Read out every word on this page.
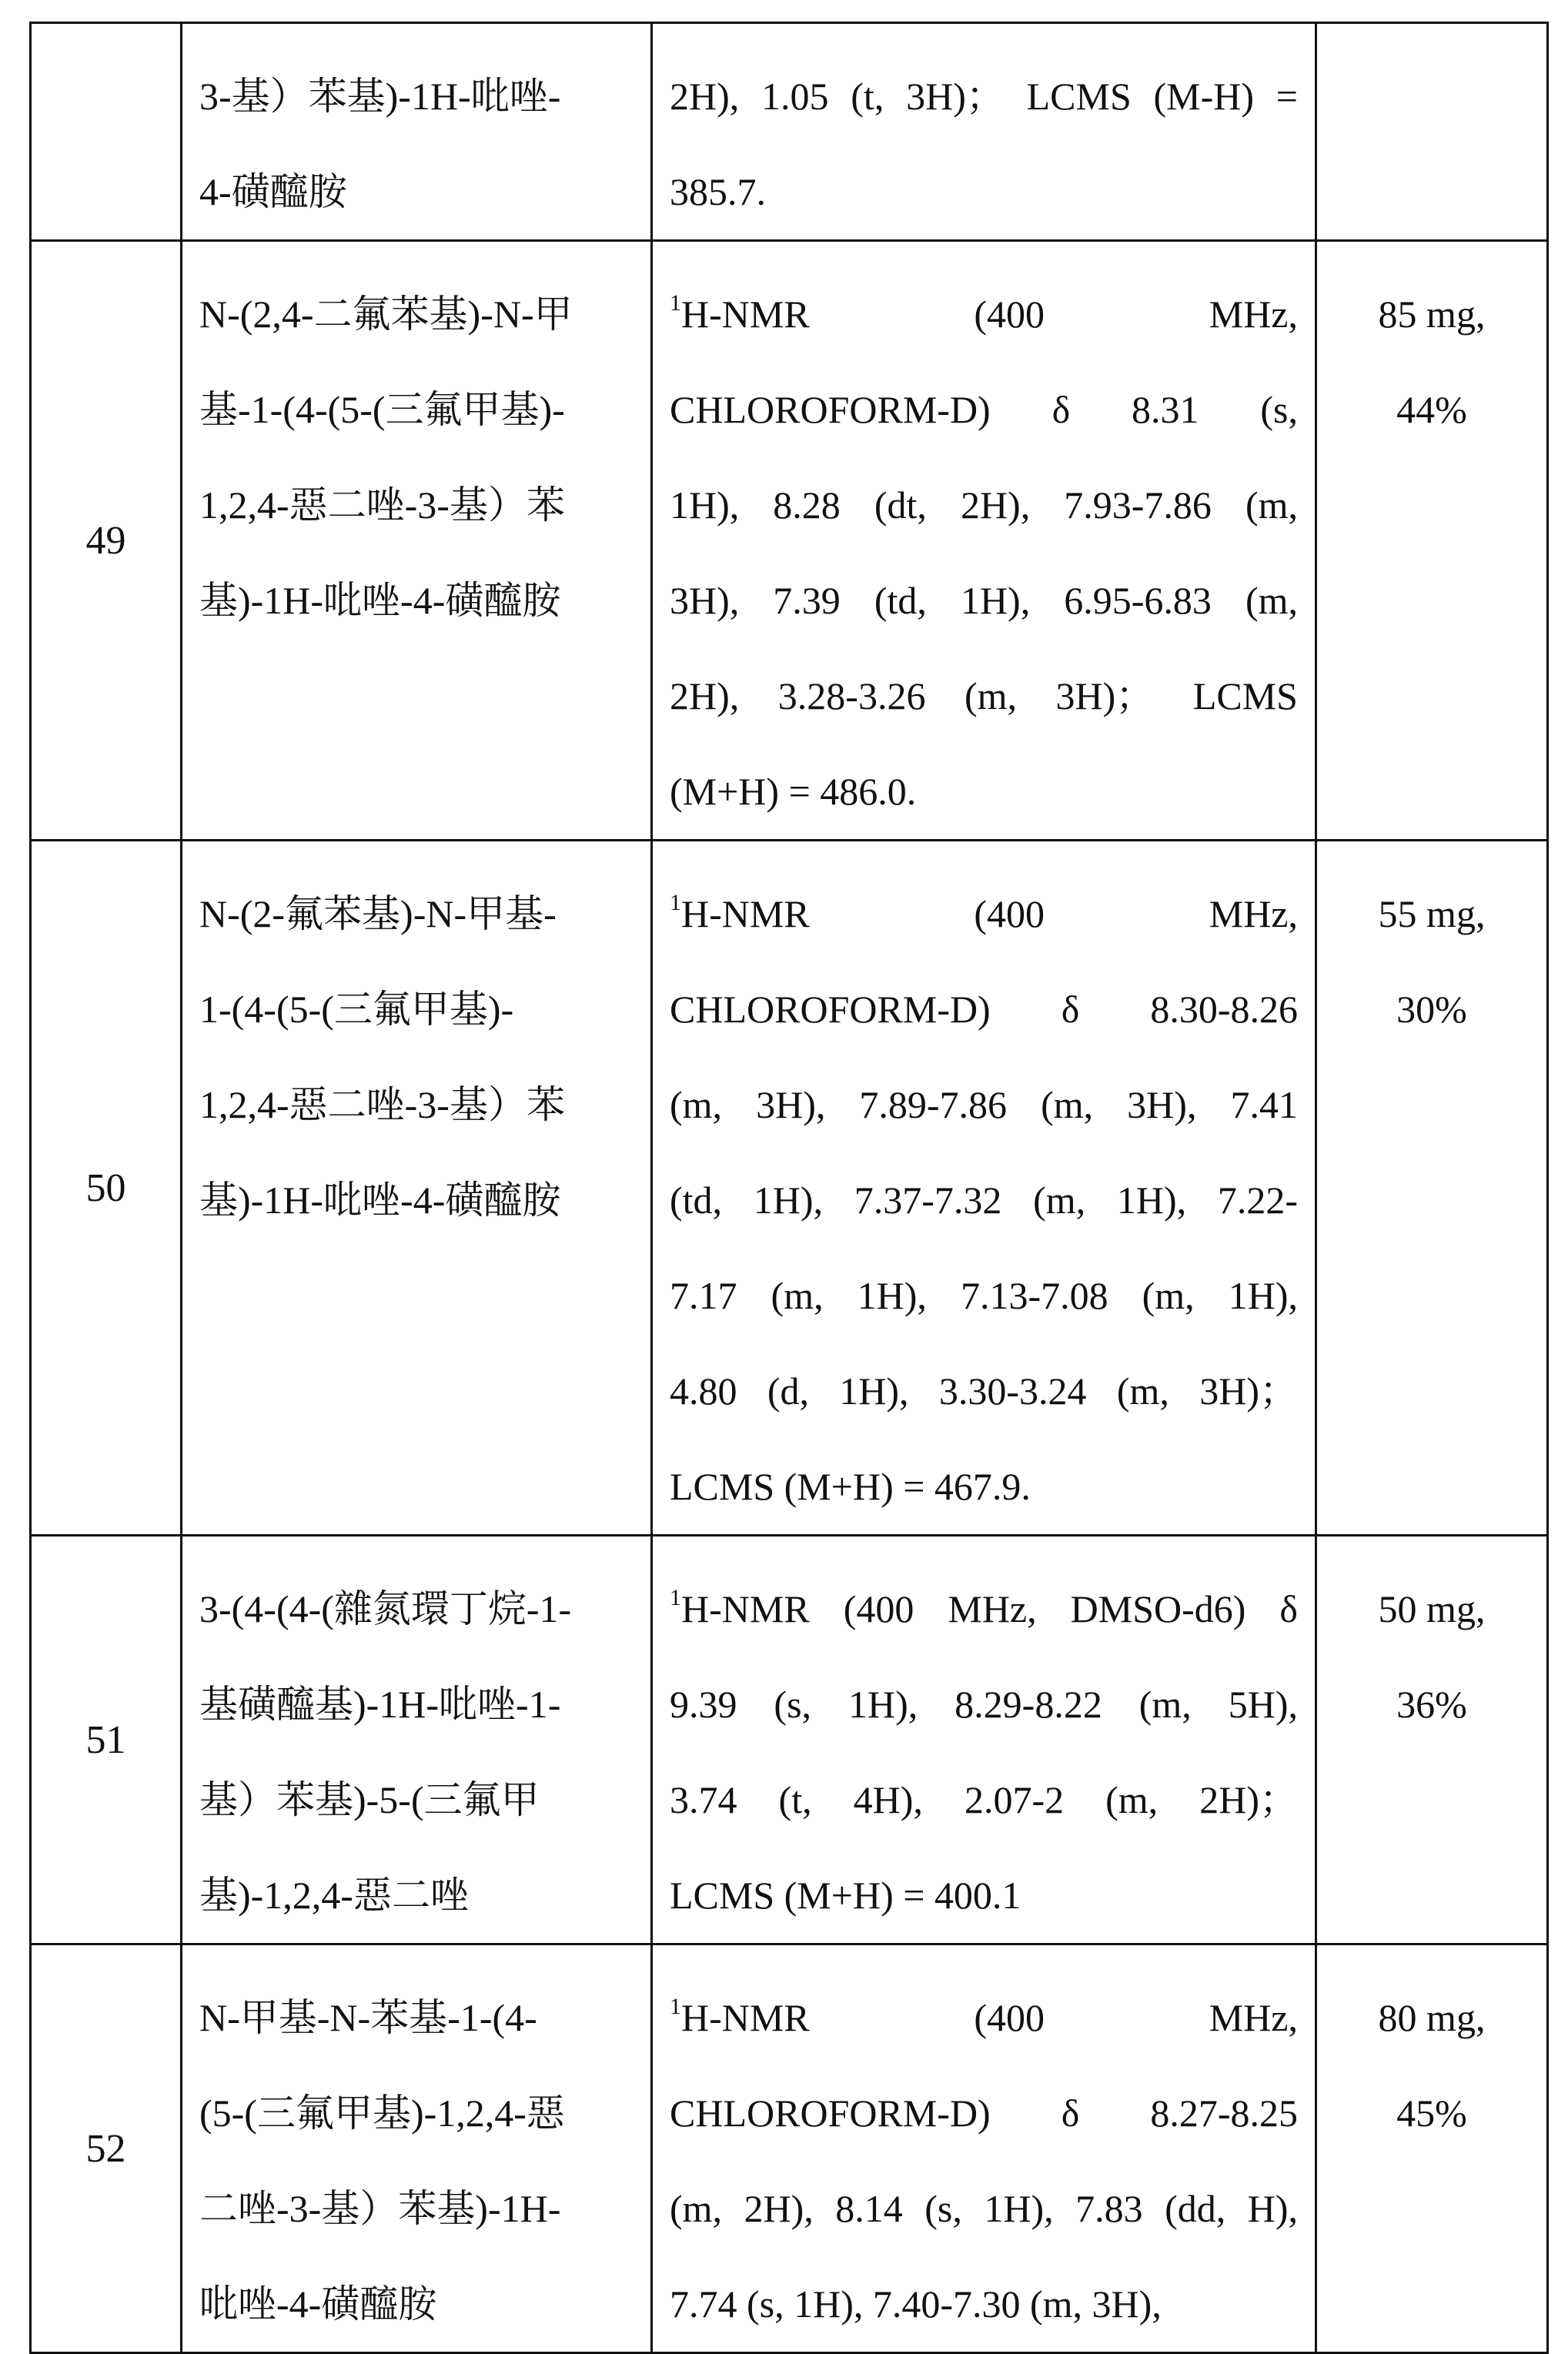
3-基）苯基)-1H-吡唑-
4-磺醯胺

2H), 1.05 (t, 3H)； LCMS (M-H) =
385.7.

49	
N-(2,4-二氟苯基)-N-甲
基-1-(4-(5-(三氟甲基)-
1,2,4-惡二唑-3-基）苯
基)-1H-吡唑-4-磺醯胺

1H-NMR (400 MHz,
CHLOROFORM-D) δ 8.31 (s,
1H), 8.28 (dt, 2H), 7.93-7.86 (m,
3H), 7.39 (td, 1H), 6.95-6.83 (m,
2H), 3.28-3.26 (m, 3H)； LCMS
(M+H) = 486.0.

85 mg,
44%

50	
N-(2-氟苯基)-N-甲基-
1-(4-(5-(三氟甲基)-
1,2,4-惡二唑-3-基）苯
基)-1H-吡唑-4-磺醯胺

1H-NMR (400 MHz,
CHLOROFORM-D) δ 8.30-8.26
(m, 3H), 7.89-7.86 (m, 3H), 7.41
(td, 1H), 7.37-7.32 (m, 1H), 7.22-
7.17 (m, 1H), 7.13-7.08 (m, 1H),
4.80 (d, 1H), 3.30-3.24 (m, 3H)；
LCMS (M+H) = 467.9.

55 mg,
30%

51	
3-(4-(4-(雜氮環丁烷-1-
基磺醯基)-1H-吡唑-1-
基）苯基)-5-(三氟甲
基)-1,2,4-惡二唑

1H-NMR (400 MHz, DMSO-d6) δ
9.39 (s, 1H), 8.29-8.22 (m, 5H),
3.74 (t, 4H), 2.07-2 (m, 2H)；
LCMS (M+H) = 400.1

50 mg,
36%

52	
N-甲基-N-苯基-1-(4-
(5-(三氟甲基)-1,2,4-惡
二唑-3-基）苯基)-1H-
吡唑-4-磺醯胺

1H-NMR (400 MHz,
CHLOROFORM-D) δ 8.27-8.25
(m, 2H), 8.14 (s, 1H), 7.83 (dd, H),
7.74 (s, 1H), 7.40-7.30 (m, 3H),

80 mg,
45%
